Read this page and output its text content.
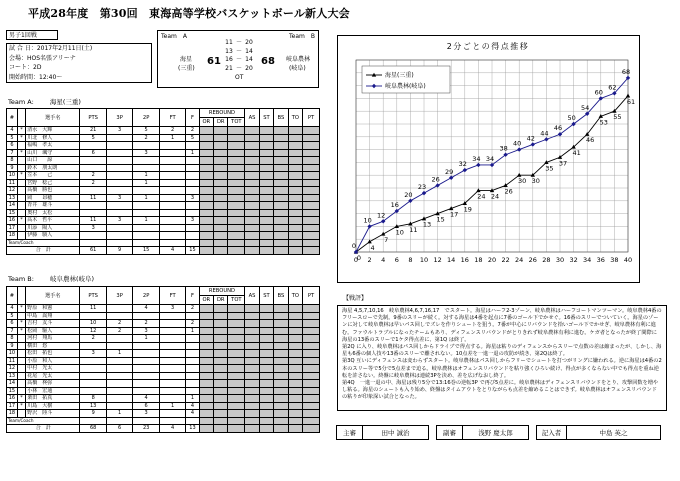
平成28年度　第30回　東海高等学校バスケットボール新人大会
男子1回戦
試 合 日：2017年2月11日(土)
会場：HOS名張アリーナ
コート：2D
開始時間：12:40～
Team　A	Team　B
海星
(三重)
61
11	－	20
13	－	14
16	－	14
21	－	20
	OT	
68 岐阜農林
(岐阜)
Team A: 海星(三重)
#		選手名	PTS	3P	2P	FT	F	REBOUND			AS	ST	BS	TO	PT
								OR	DR	TOT					
4	*	清水　大輝	21	3	5	2	2								
5	*	川北　修人	5		2	1	5								
6		福嶋　孝太													
7	*	山川　颯守	6		3		1								
8		山口　　諒													
9		鈴木　朋太朗													
10	*	笠本　　己	2		1										
11		宮野　稔己	2		1										
12		高橋　勝也													
13		岡　　昂穂	11	3	1		3								
14		青井　雄斗													
15		奥村　太松													
16	*	高木　哲平	11	3	1		3								
17		川添　陽人	3												
18		伊藤　駿人													
Team/Coach															
合　計			61	9	15	4	15								
Team B: 岐阜農林(岐阜)
#		選手名	PTS	3P	2P	FT	F	REBOUND			AS	ST	BS	TO	PT
								OR	DR	TOT					
4	*	野原　和憲	11		4	3	2								
5		中島　嵩翔													
6	*	吉村　友斗	10	2	2		2								
7	*	松岡　駆人	12	2	3		1								
8		河村　翔馬	2		1										
9		横田　悠													
10		松田　拓也	3	1											
11		小原　和人													
12		中村　光太													
13		花尾　光太													
14		高橋　柊弥													
15		小林　宏通													
16	*	栗田　拓真	8		4		1								
17	*	川島　大樹	13		6	1	4								
18		野沢　陸斗	9	1	3		4								
Team/Coach															
合　計			68	6	23	4	13								
2分ごとの得点推移
0 2 4 6 8 10 12 14 16 18 20 22 24 26 28 30 32 34 36 38 40
0
4
7
10 11
13
15
17
19
24 24
26
30 30
35
37
41
46
53
55
61
0
10
12
16
20
23
26
29
32
34 34
38
40
42
44
46
50
54
60
62
68
海星(三重)
岐阜農林(岐阜)
【戦評】
海星 4,5,7,10,16　岐阜農林4,6,7,16,17　でスタート。海星はハーフ2-3ゾーン、岐阜農林はハーフコートマンツーマン。岐阜農林4番のフリースローで先制。9番のスリーが続く。対する海星は4番を起点に7番のゴール下でかせぐ。16番のスリーでついていく。海星のゾーンに対して岐阜農林は早いパス回しでズレを作りシュートを狙う。7番が中心にリバウンドを拾いゴール下でかせぎ、岐阜農林有利に進む。ファウルトラブルになったチームもあり、ディフェンスリバウンドがとりきれず岐阜農林有利に進む。ケガ者となったが終了間際に海星の13番のスリーで1ケタ得点差に、第1Q は終了。
第2Q に入り、岐阜農林はパス回しからドライブで得点する。海星は粘りのディフェンスからスリーで点数の差は縮まったが、しかし、海星も6番の個人技や13番のスリーで離されない。10点差を一進一退の攻防が続き、第2Qは終了。
第3Q 互いにディフェンスは変わらずスタート。岐阜農林はパス回しからフリーでシュートを打つがリングに嫌われる。逆に海星は4番の2本のスリー等で5分で5点差まで迫る。岐阜農林はオフェンスリバウンドを粘り強くひろい続け、得点が多くならない中でも得点を重ね逆転を許さない。終盤に岐阜農林は連続3Pを決め、差を広げなおし終了。
第4Q　一進一退の中、海星は残り5分で13:16巻の逆転3P で再び5点差に。岐阜農林はディフェンスリバウンドをとり、攻撃回数を増やし粘る。海星のシュートも入り始め、終盤はタイムアウトをとりながらも点差を縮めることはできず。岐阜農林はオフェンスリバウンドの粘りが印象深い試合となった。
主審	田中 誠治		副審	浅野 慶太郎		記入者	中島 英之
